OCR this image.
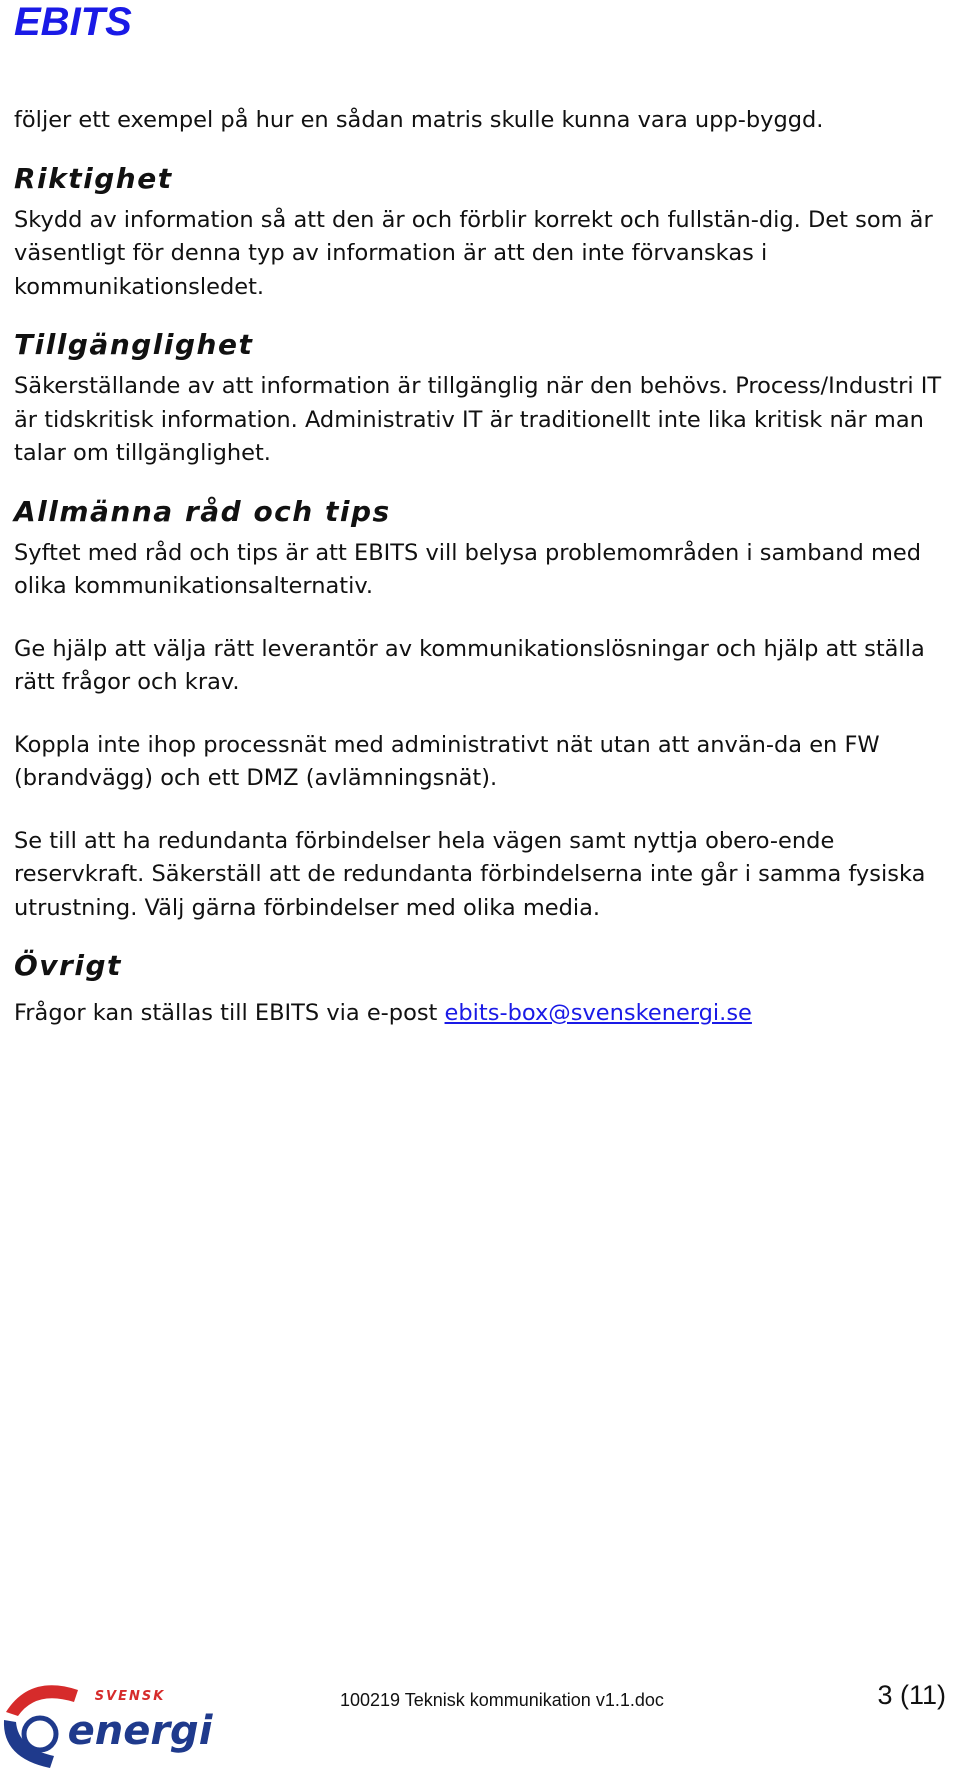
EBITS

följer ett exempel på hur en sådan matris skulle kunna vara upp-byggd.

Riktighet

Skydd av information så att den är och förblir korrekt och fullstän-dig. Det som är väsentligt för denna typ av information är att den inte förvanskas i kommunikationsledet.

Tillgänglighet

Säkerställande av att information är tillgänglig när den behövs. Process/Industri IT är tidskritisk information. Administrativ IT är traditionellt inte lika kritisk när man talar om tillgänglighet.

Allmänna råd och tips

Syftet med råd och tips är att EBITS vill belysa problemområden i samband med olika kommunikationsalternativ.

Ge hjälp att välja rätt leverantör av kommunikationslösningar och hjälp att ställa rätt frågor och krav.

Koppla inte ihop processnät med administrativt nät utan att använ-da en FW (brandvägg) och ett DMZ (avlämningsnät).

Se till att ha redundanta förbindelser hela vägen samt nyttja obero-ende reservkraft. Säkerställ att de redundanta förbindelserna inte går i samma fysiska utrustning. Välj gärna förbindelser med olika media.

Övrigt

Frågor kan ställas till EBITS via e-post ebits-box@svenskenergi.se

SVENSK
energi
100219 Teknisk kommunikation v1.1.doc	3 (11)
